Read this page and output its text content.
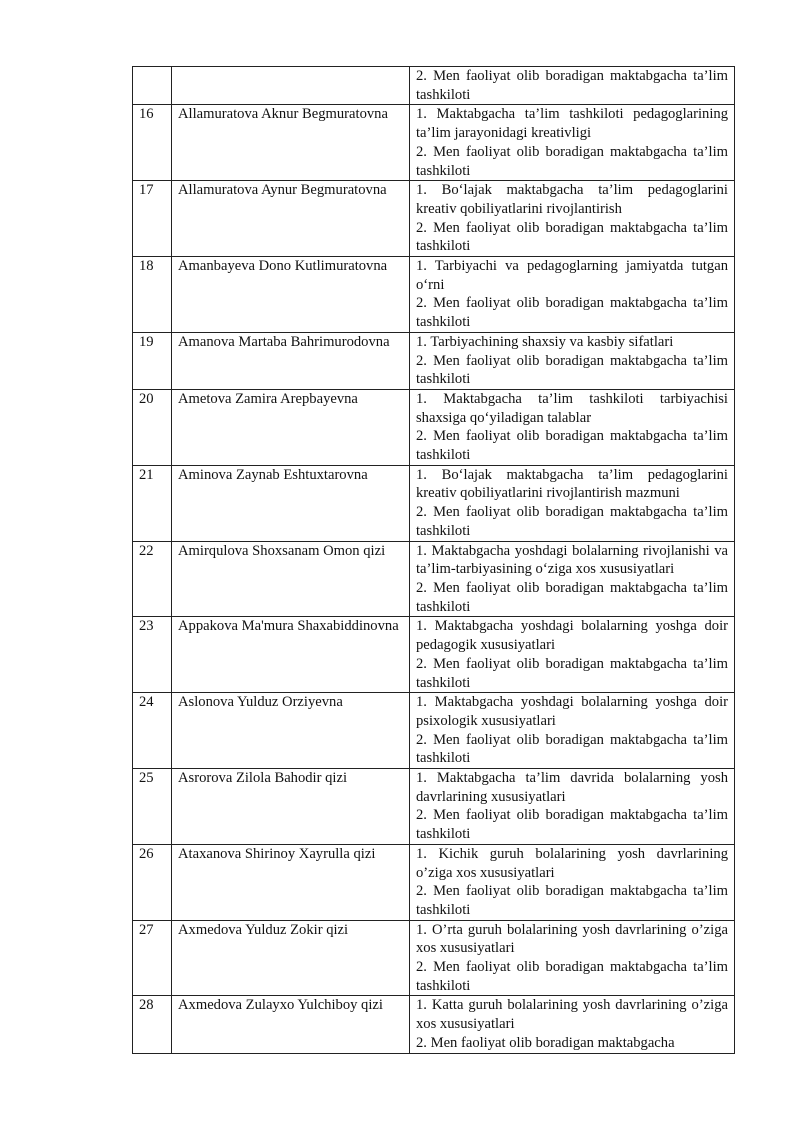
		2. Men faoliyat olib boradigan maktabgacha ta’lim tashkiloti

16	Allamuratova Aknur Begmuratovna	1. Maktabgacha ta’lim tashkiloti pedagoglarining ta’lim jarayonidagi kreativligi
2. Men faoliyat olib boradigan maktabgacha ta’lim tashkiloti

17	Allamuratova Aynur Begmuratovna	1. Bo‘lajak maktabgacha ta’lim pedagoglarini kreativ qobiliyatlarini rivojlantirish
2. Men faoliyat olib boradigan maktabgacha ta’lim tashkiloti

18	Amanbayeva Dono Kutlimuratovna	1. Tarbiyachi va pedagoglarning jamiyatda tutgan o‘rni
2. Men faoliyat olib boradigan maktabgacha ta’lim tashkiloti

19	Amanova Martaba Bahrimurodovna	1. Tarbiyachining shaxsiy va kasbiy sifatlari
2. Men faoliyat olib boradigan maktabgacha ta’lim tashkiloti

20	Ametova Zamira Arepbayevna	1. Maktabgacha ta’lim tashkiloti tarbiyachisi shaxsiga qo‘yiladigan talablar
2. Men faoliyat olib boradigan maktabgacha ta’lim tashkiloti

21	Aminova Zaynab Eshtuxtarovna	1. Bo‘lajak maktabgacha ta’lim pedagoglarini kreativ qobiliyatlarini rivojlantirish mazmuni
2. Men faoliyat olib boradigan maktabgacha ta’lim tashkiloti

22	Amirqulova Shoxsanam Omon qizi	1. Maktabgacha yoshdagi bolalarning rivojlanishi va ta’lim-tarbiyasining o‘ziga xos xususiyatlari
2. Men faoliyat olib boradigan maktabgacha ta’lim tashkiloti

23	Appakova Ma'mura Shaxabiddinovna	1. Maktabgacha yoshdagi bolalarning yoshga doir pedagogik xususiyatlari
2. Men faoliyat olib boradigan maktabgacha ta’lim tashkiloti

24	Aslonova Yulduz Orziyevna	1. Maktabgacha yoshdagi bolalarning yoshga doir psixologik xususiyatlari
2. Men faoliyat olib boradigan maktabgacha ta’lim tashkiloti

25	Asrorova Zilola Bahodir qizi	1. Maktabgacha ta’lim davrida bolalarning yosh davrlarining xususiyatlari
2. Men faoliyat olib boradigan maktabgacha ta’lim tashkiloti

26	Ataxanova Shirinoy Xayrulla qizi	1. Kichik guruh bolalarining yosh davrlarining o’ziga xos xususiyatlari
2. Men faoliyat olib boradigan maktabgacha ta’lim tashkiloti

27	Axmedova Yulduz Zokir qizi	1. O’rta guruh bolalarining yosh davrlarining o’ziga xos xususiyatlari
2. Men faoliyat olib boradigan maktabgacha ta’lim tashkiloti

28	Axmedova Zulayxo Yulchiboy qizi	1. Katta guruh bolalarining yosh davrlarining o’ziga xos xususiyatlari
2. Men faoliyat olib boradigan maktabgacha
